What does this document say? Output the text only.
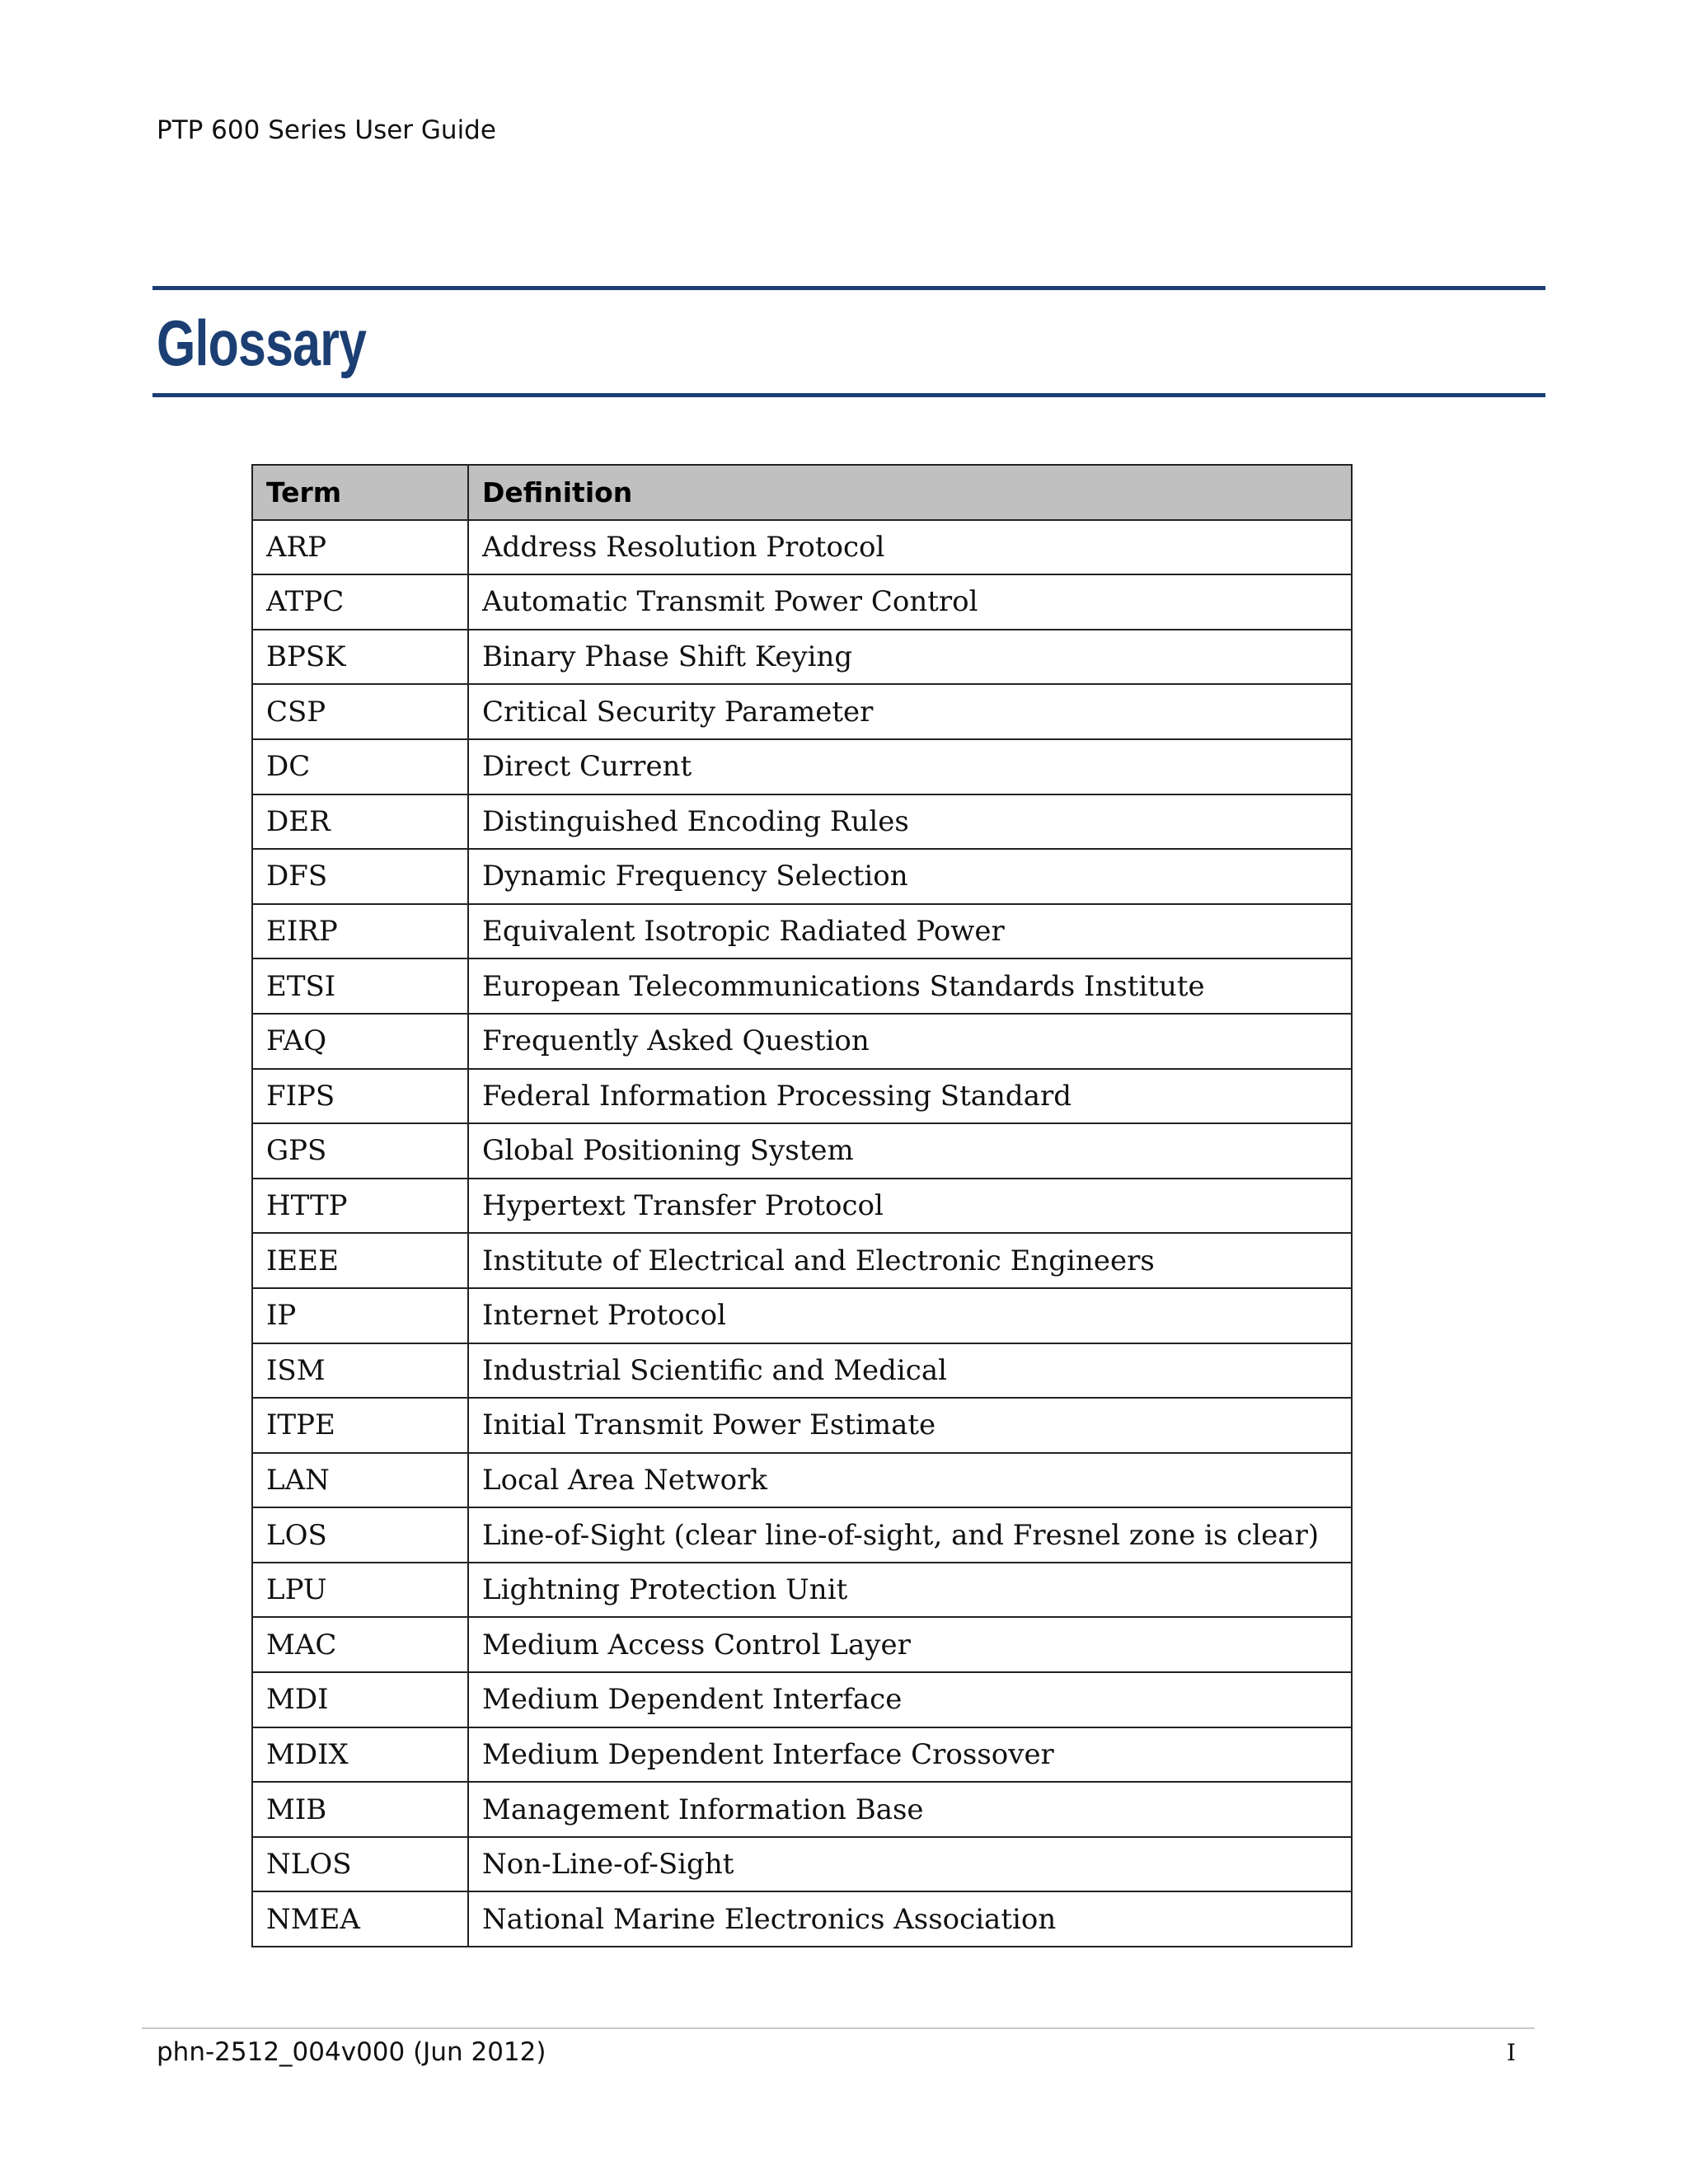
PTP 600 Series User Guide
Glossary
Term	Definition
ARP	Address Resolution Protocol
ATPC	Automatic Transmit Power Control
BPSK	Binary Phase Shift Keying
CSP	Critical Security Parameter
DC	Direct Current
DER	Distinguished Encoding Rules
DFS	Dynamic Frequency Selection
EIRP	Equivalent Isotropic Radiated Power
ETSI	European Telecommunications Standards Institute
FAQ	Frequently Asked Question
FIPS	Federal Information Processing Standard
GPS	Global Positioning System
HTTP	Hypertext Transfer Protocol
IEEE	Institute of Electrical and Electronic Engineers
IP	Internet Protocol
ISM	Industrial Scientific and Medical
ITPE	Initial Transmit Power Estimate
LAN	Local Area Network
LOS	Line-of-Sight (clear line-of-sight, and Fresnel zone is clear)
LPU	Lightning Protection Unit
MAC	Medium Access Control Layer
MDI	Medium Dependent Interface
MDIX	Medium Dependent Interface Crossover
MIB	Management Information Base
NLOS	Non-Line-of-Sight
NMEA	National Marine Electronics Association
phn-2512_004v000 (Jun 2012)	I
